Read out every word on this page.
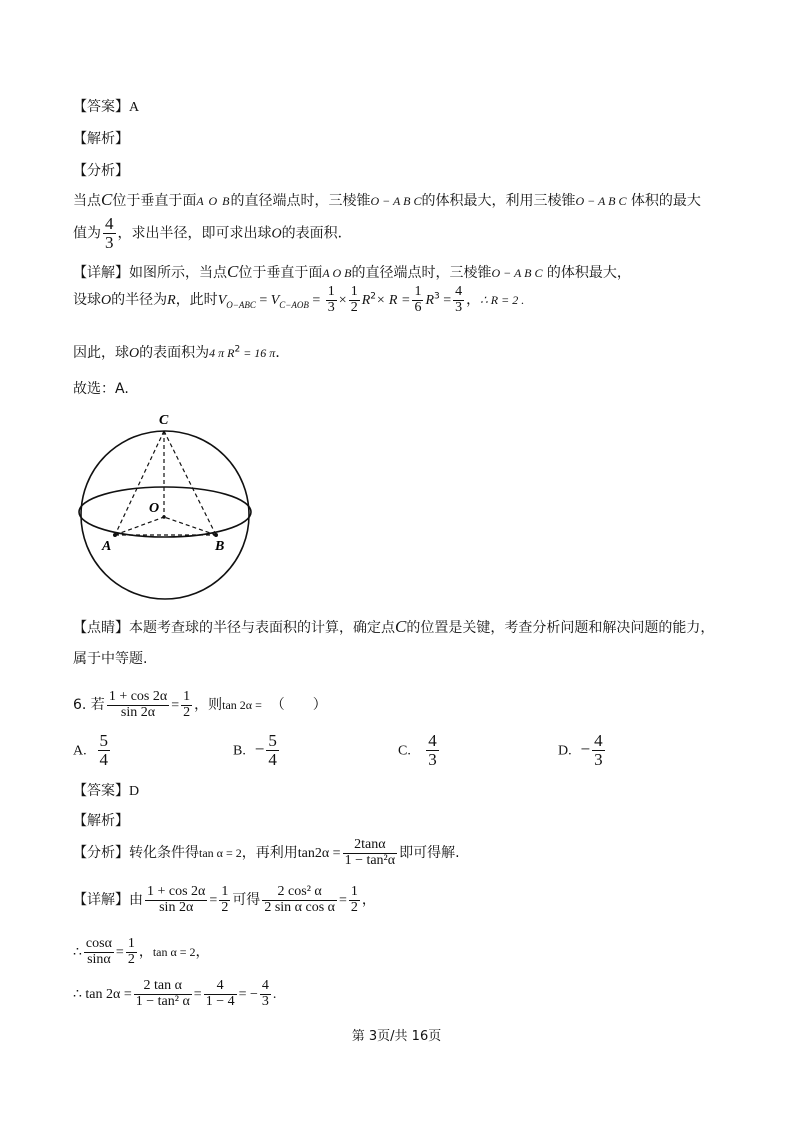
【答案】A
【解析】
【分析】
当点C位于垂直于面A O B的直径端点时，三棱锥O − A B C的体积最大，利用三棱锥O − A B C 体积的最大
值为 $\frac{4}{3}$ ，求出半径，即可求出球O的表面积．
【详解】如图所示，当点C位于垂直于面A O B的直径端点时，三棱锥O − A B C 的体积最大，
设球O的半径为R，此时$V_{O-ABC} = V_{C-AOB} = \frac{1}{3} \times \frac{1}{2} R^2\times R = \frac{1}{6} R^3 = \frac{4}{3}$ ，∴ R = 2 .
因此，球O的表面积为4 π $R^2 = 16$ π．
故选：A.
C
O
A	B
【点睛】本题考查球的半径与表面积的计算，确定点C的位置是关键，考查分析问题和解决问题的能力，
属于中等题.
6. 若 $\frac{1 + \cos 2\alpha}{\sin 2\alpha} = \frac{1}{2}$ ，则tan 2α = （　　）
A. $\frac{5}{4}$	B. − $\frac{5}{4}$	C. $\frac{4}{3}$	D. − $\frac{4}{3}$
【答案】D
【解析】
【分析】转化条件得tan α = 2，再利用$\tan 2\alpha = \frac{2\tan\alpha}{\text{1 − tan²α}}$ 即可得解.
【详解】由 $\frac{1 + \cos 2\alpha}{\sin 2\alpha} = \frac{1}{2}$ 可得 $\frac{\text{2 cos² α}}{\text{2 sin α cos α}} = \frac{1}{2}$ ，
∴ $\frac{\cos\alpha}{\sin\alpha} = \frac{1}{2}$ ，tan α = 2，
∴ $\tan 2\alpha = \frac{\text{2 tan α}}{\text{1 − tan² α}} = \frac{4}{1 - 4}$ = − $\frac{4}{3}$ .
第 3页/共 16页
